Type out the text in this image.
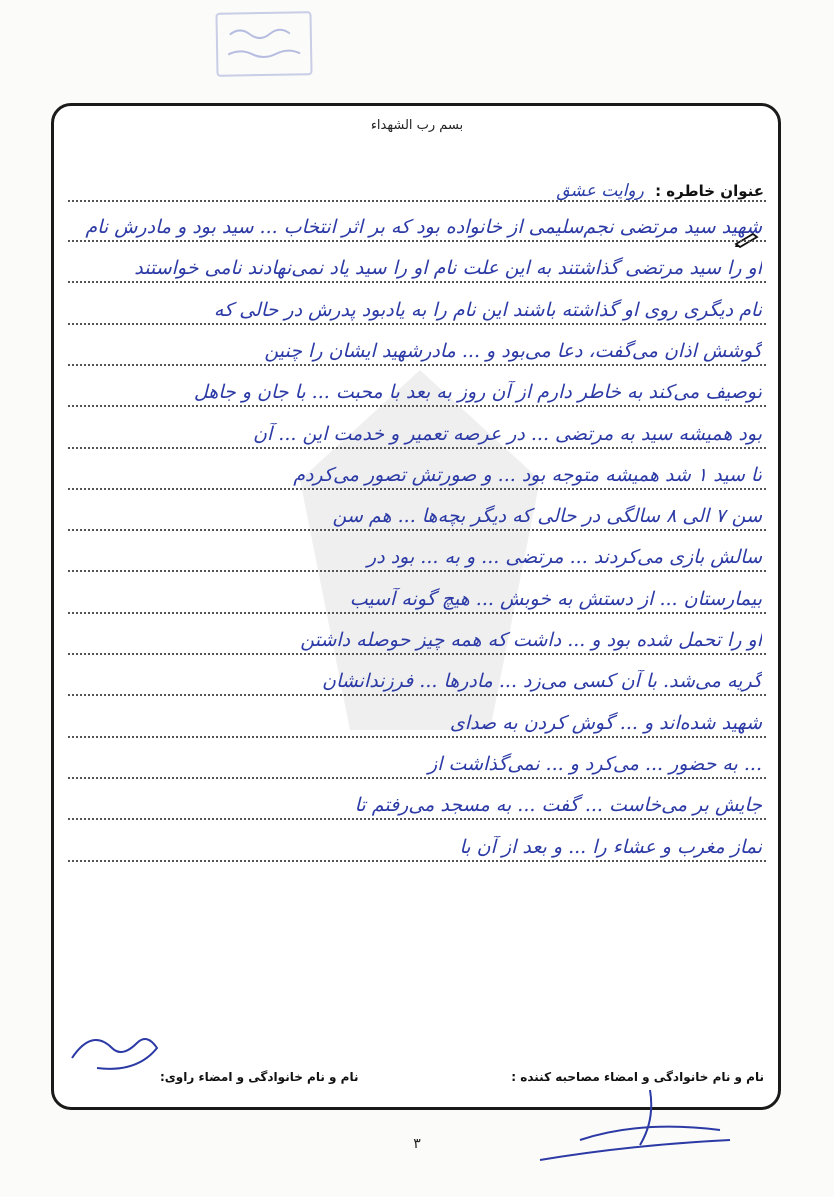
بسم رب الشهداء
عنوان خاطره : روایت عشق
شهید سید مرتضی نجم‌سلیمی از خانواده بود که بر اثر انتخاب ... سید بود و مادرش نام
او را سید مرتضی گذاشتند به این علت نام او را سید یاد نمی‌نهادند نامی خواستند
نام دیگری روی او گذاشته باشند این نام را به یادبود پدرش در حالی که
گوشش اذان می‌گفت، دعا می‌بود و ... مادرشهید ایشان را چنین
توصیف می‌کند به خاطر دارم از آن روز به بعد با محبت ... با جان و جاهل
بود همیشه سید به مرتضی ... در عرصه تعمیر و خدمت این ... آن
تا سید ۱ شد همیشه متوجه بود ... و صورتش تصور می‌کردم
سن ۷ الی ۸ سالگی در حالی که دیگر بچه‌ها ... هم سن
سالش بازی می‌کردند ... مرتضی ... و به ... بود در
بیمارستان ... از دستش به خوبش ... هیچ گونه آسیب
او را تحمل شده بود و ... داشت که همه چیز حوصله داشتن
گریه می‌شد. با آن کسی می‌زد ... مادرها ... فرزندانشان
شهید شده‌اند و ... گوش کردن به صدای
... به حضور ... می‌کرد و ... نمی‌گذاشت از
جایش بر می‌خاست ... گفت ... به مسجد می‌رفتم تا
نماز مغرب و عشاء را ... و بعد از آن با
نام و نام خانوادگی و امضاء مصاحبه کننده :
نام و نام خانوادگی و امضاء راوی:
۳
